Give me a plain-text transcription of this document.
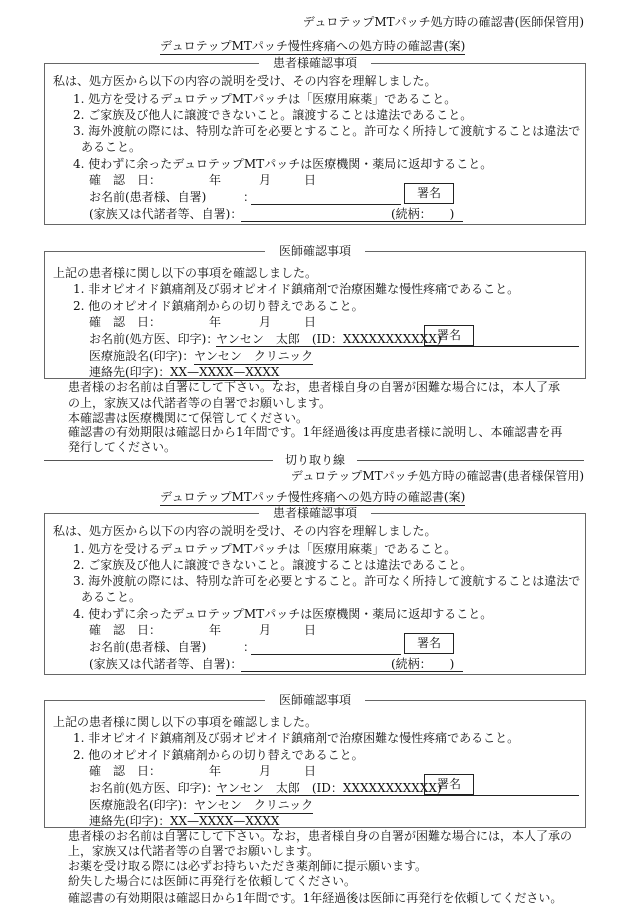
デュロテップMTパッチ処方時の確認書(医師保管用)
デュロテップMTパッチ慢性疼痛への処方時の確認書(案)
患者様確認事項
私は、処方医から以下の内容の説明を受け、その内容を理解しました。
1. 処方を受けるデュロテップMTパッチは「医療用麻薬」であること。
2. ご家族及び他人に譲渡できないこと。譲渡することは違法であること。
3. 海外渡航の際には、特別な許可を必要とすること。許可なく所持して渡航することは違法で
あること。
4. 使わずに余ったデュロテップMTパッチは医療機関・薬局に返却すること。
確　認　日：	年	月	日
お名前(患者様、自署)	：	署名
(家族又は代諾者等、自署)：	(続柄：　　)
医師確認事項
上記の患者様に関し以下の事項を確認しました。
1. 非オピオイド鎮痛剤及び弱オピオイド鎮痛剤で治療困難な慢性疼痛であること。
2. 他のオピオイド鎮痛剤からの切り替えであること。
確　認　日：	年	月	日
お名前(処方医、印字)：
ヤンセン　太郎　(ID：XXXXXXXXXXX)
署名
医療施設名(印字)： ヤンセン　クリニック
連絡先(印字)： XX—XXXX—XXXX
患者様のお名前は自署にして下さい。なお，患者様自身の自署が困難な場合には，本人了承
の上，家族又は代諾者等の自署でお願いします。
本確認書は医療機関にて保管してください。
確認書の有効期限は確認日から1年間です。1年経過後は再度患者様に説明し、本確認書を再
発行してください。
切り取り線
デュロテップMTパッチ処方時の確認書(患者様保管用)
デュロテップMTパッチ慢性疼痛への処方時の確認書(案)
患者様確認事項
私は、処方医から以下の内容の説明を受け、その内容を理解しました。
1. 処方を受けるデュロテップMTパッチは「医療用麻薬」であること。
2. ご家族及び他人に譲渡できないこと。譲渡することは違法であること。
3. 海外渡航の際には、特別な許可を必要とすること。許可なく所持して渡航することは違法で
あること。
4. 使わずに余ったデュロテップMTパッチは医療機関・薬局に返却すること。
確　認　日：	年	月	日
お名前(患者様、自署)	：	署名
(家族又は代諾者等、自署)：	(続柄：　　)
医師確認事項
上記の患者様に関し以下の事項を確認しました。
1. 非オピオイド鎮痛剤及び弱オピオイド鎮痛剤で治療困難な慢性疼痛であること。
2. 他のオピオイド鎮痛剤からの切り替えであること。
確　認　日：	年	月	日
お名前(処方医、印字)：
ヤンセン　太郎　(ID：XXXXXXXXXXX)
署名
医療施設名(印字)： ヤンセン　クリニック
連絡先(印字)： XX—XXXX—XXXX
患者様のお名前は自署にして下さい。なお，患者様自身の自署が困難な場合には，本人了承の
上，家族又は代諾者等の自署でお願いします。
お薬を受け取る際には必ずお持ちいただき薬剤師に提示願います。
紛失した場合には医師に再発行を依頼してください。
確認書の有効期限は確認日から1年間です。1年経過後は医師に再発行を依頼してください。
